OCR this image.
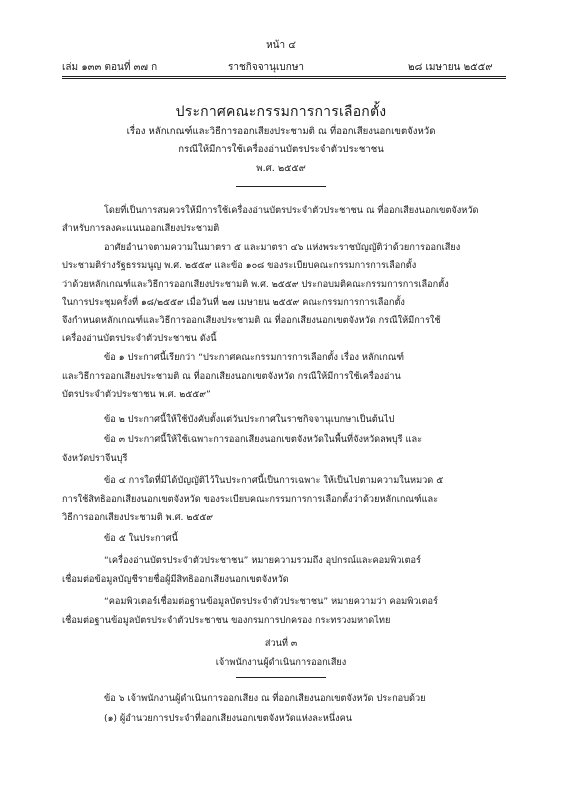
หน้า ๔
เล่ม ๑๓๓ ตอนที่ ๓๗ ก	ราชกิจจานุเบกษา	๒๘ เมษายน ๒๕๕๙
ประกาศคณะกรรมการการเลือกตั้ง
เรื่อง หลักเกณฑ์และวิธีการออกเสียงประชามติ ณ ที่ออกเสียงนอกเขตจังหวัด
กรณีให้มีการใช้เครื่องอ่านบัตรประจำตัวประชาชน
พ.ศ. ๒๕๕๙
โดยที่เป็นการสมควรให้มีการใช้เครื่องอ่านบัตรประจำตัวประชาชน ณ ที่ออกเสียงนอกเขตจังหวัด
สำหรับการลงคะแนนออกเสียงประชามติ
อาศัยอำนาจตามความในมาตรา ๕ และมาตรา ๔๖ แห่งพระราชบัญญัติว่าด้วยการออกเสียง
ประชามติร่างรัฐธรรมนูญ พ.ศ. ๒๕๕๙ และข้อ ๑๐๘ ของระเบียบคณะกรรมการการเลือกตั้ง
ว่าด้วยหลักเกณฑ์และวิธีการออกเสียงประชามติ พ.ศ. ๒๕๕๙ ประกอบมติคณะกรรมการการเลือกตั้ง
ในการประชุมครั้งที่ ๑๘/๒๕๕๙ เมื่อวันที่ ๒๗ เมษายน ๒๕๕๙ คณะกรรมการการเลือกตั้ง
จึงกำหนดหลักเกณฑ์และวิธีการออกเสียงประชามติ ณ ที่ออกเสียงนอกเขตจังหวัด กรณีให้มีการใช้
เครื่องอ่านบัตรประจำตัวประชาชน ดังนี้
ข้อ ๑ ประกาศนี้เรียกว่า “ประกาศคณะกรรมการการเลือกตั้ง เรื่อง หลักเกณฑ์
และวิธีการออกเสียงประชามติ ณ ที่ออกเสียงนอกเขตจังหวัด กรณีให้มีการใช้เครื่องอ่าน
บัตรประจำตัวประชาชน พ.ศ. ๒๕๕๙”
ข้อ ๒ ประกาศนี้ให้ใช้บังคับตั้งแต่วันประกาศในราชกิจจานุเบกษาเป็นต้นไป
ข้อ ๓ ประกาศนี้ให้ใช้เฉพาะการออกเสียงนอกเขตจังหวัดในพื้นที่จังหวัดลพบุรี และ
จังหวัดปราจีนบุรี
ข้อ ๔ การใดที่มิได้บัญญัติไว้ในประกาศนี้เป็นการเฉพาะ ให้เป็นไปตามความในหมวด ๕
การใช้สิทธิออกเสียงนอกเขตจังหวัด ของระเบียบคณะกรรมการการเลือกตั้งว่าด้วยหลักเกณฑ์และ
วิธีการออกเสียงประชามติ พ.ศ. ๒๕๕๙
ข้อ ๕ ในประกาศนี้
“เครื่องอ่านบัตรประจำตัวประชาชน” หมายความรวมถึง อุปกรณ์และคอมพิวเตอร์
เชื่อมต่อข้อมูลบัญชีรายชื่อผู้มีสิทธิออกเสียงนอกเขตจังหวัด
“คอมพิวเตอร์เชื่อมต่อฐานข้อมูลบัตรประจำตัวประชาชน” หมายความว่า คอมพิวเตอร์
เชื่อมต่อฐานข้อมูลบัตรประจำตัวประชาชน ของกรมการปกครอง กระทรวงมหาดไทย
ส่วนที่ ๓
เจ้าพนักงานผู้ดำเนินการออกเสียง
ข้อ ๖ เจ้าพนักงานผู้ดำเนินการออกเสียง ณ ที่ออกเสียงนอกเขตจังหวัด ประกอบด้วย
(๑) ผู้อำนวยการประจำที่ออกเสียงนอกเขตจังหวัดแห่งละหนึ่งคน
